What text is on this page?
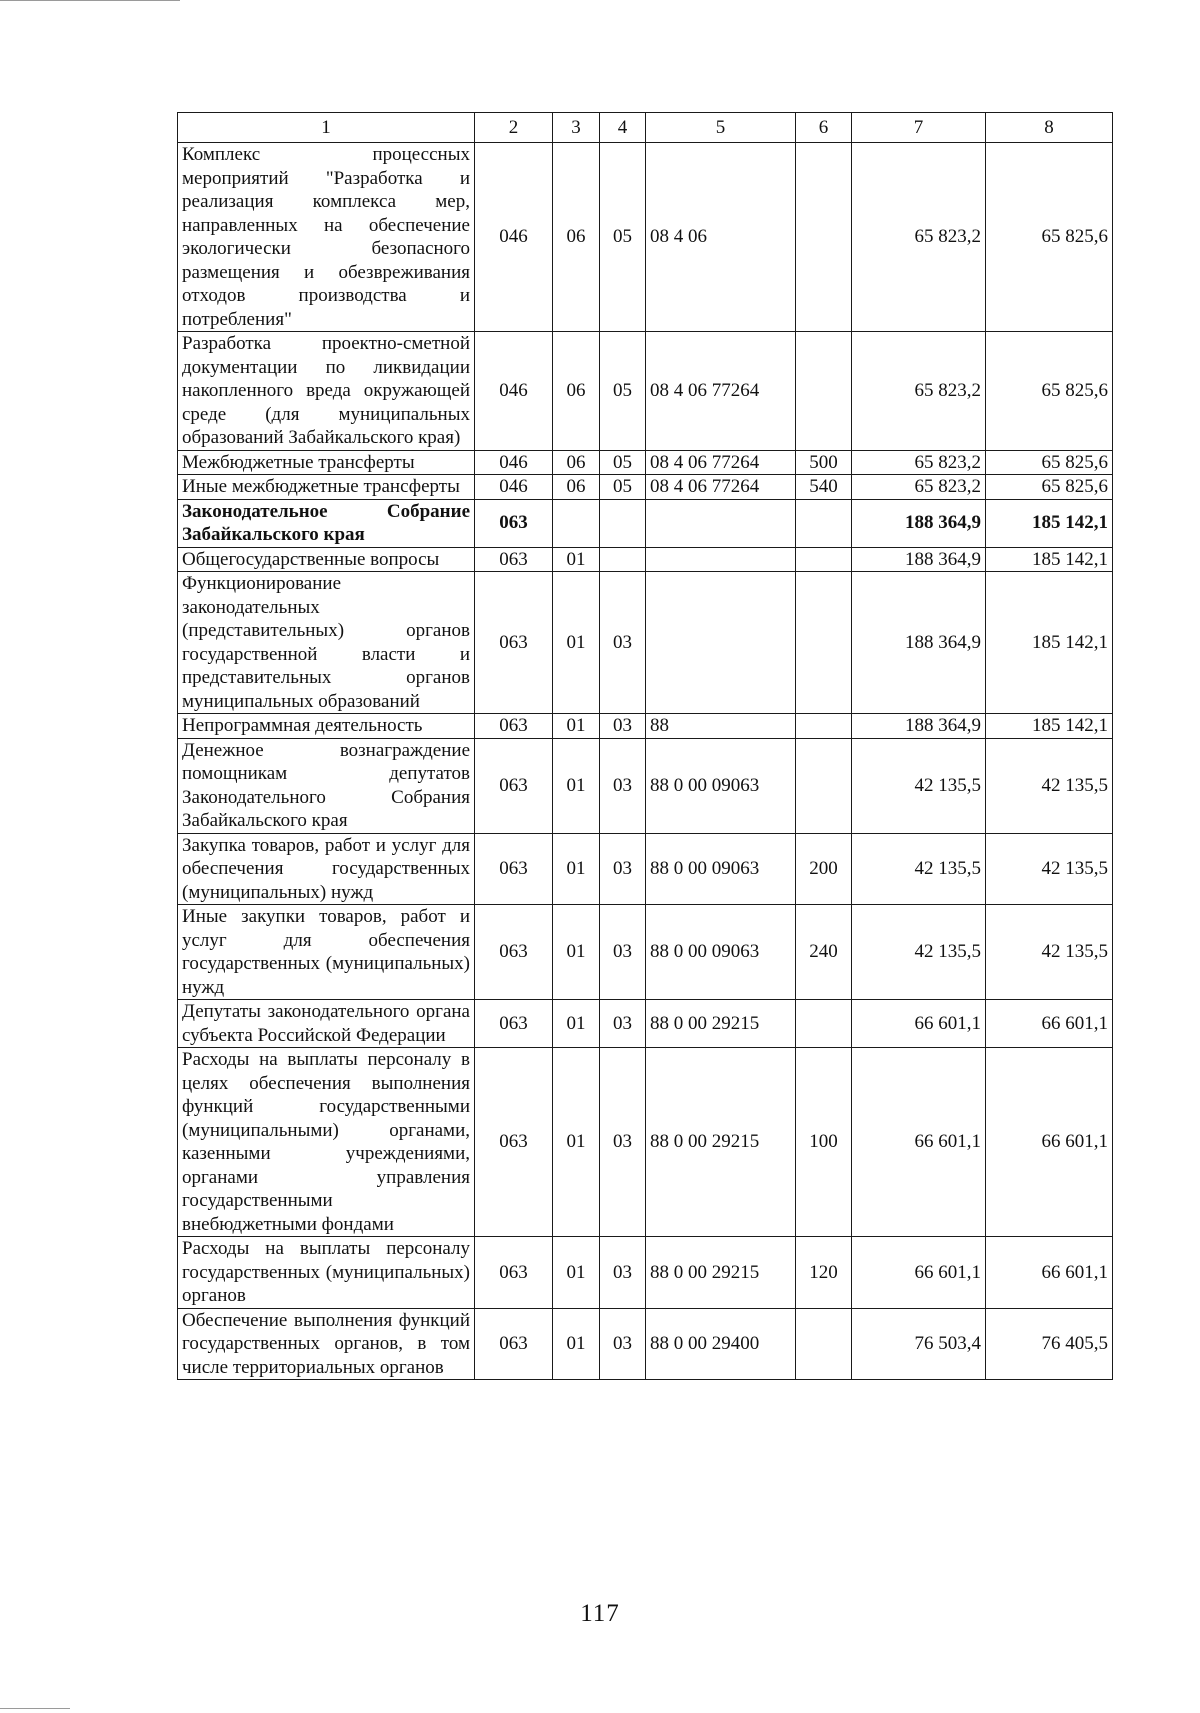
1	2	3	4	5	6	7	8
Комплекс процессных мероприятий "Разработка и реализация комплекса мер, направленных на обеспечение экологически безопасного размещения и обезвреживания отходов производства и потребления"	046	06	05	08 4 06		65 823,2	65 825,6
Разработка проектно-сметной документации по ликвидации накопленного вреда окружающей среде (для муниципальных образований Забайкальского края)	046	06	05	08 4 06 77264		65 823,2	65 825,6
Межбюджетные трансферты	046	06	05	08 4 06 77264	500	65 823,2	65 825,6
Иные межбюджетные трансферты	046	06	05	08 4 06 77264	540	65 823,2	65 825,6
Законодательное Собрание Забайкальского края	063					188 364,9	185 142,1
Общегосударственные вопросы	063	01				188 364,9	185 142,1
Функционирование законодательных (представительных) органов государственной власти и представительных органов муниципальных образований	063	01	03			188 364,9	185 142,1
Непрограммная деятельность	063	01	03	88		188 364,9	185 142,1
Денежное вознаграждение помощникам депутатов Законодательного Собрания Забайкальского края	063	01	03	88 0 00 09063		42 135,5	42 135,5
Закупка товаров, работ и услуг для обеспечения государственных (муниципальных) нужд	063	01	03	88 0 00 09063	200	42 135,5	42 135,5
Иные закупки товаров, работ и услуг для обеспечения государственных (муниципальных) нужд	063	01	03	88 0 00 09063	240	42 135,5	42 135,5
Депутаты законодательного органа субъекта Российской Федерации	063	01	03	88 0 00 29215		66 601,1	66 601,1
Расходы на выплаты персоналу в целях обеспечения выполнения функций государственными (муниципальными) органами, казенными учреждениями, органами управления государственными внебюджетными фондами	063	01	03	88 0 00 29215	100	66 601,1	66 601,1
Расходы на выплаты персоналу государственных (муниципальных) органов	063	01	03	88 0 00 29215	120	66 601,1	66 601,1
Обеспечение выполнения функций государственных органов, в том числе территориальных органов	063	01	03	88 0 00 29400		76 503,4	76 405,5
117
